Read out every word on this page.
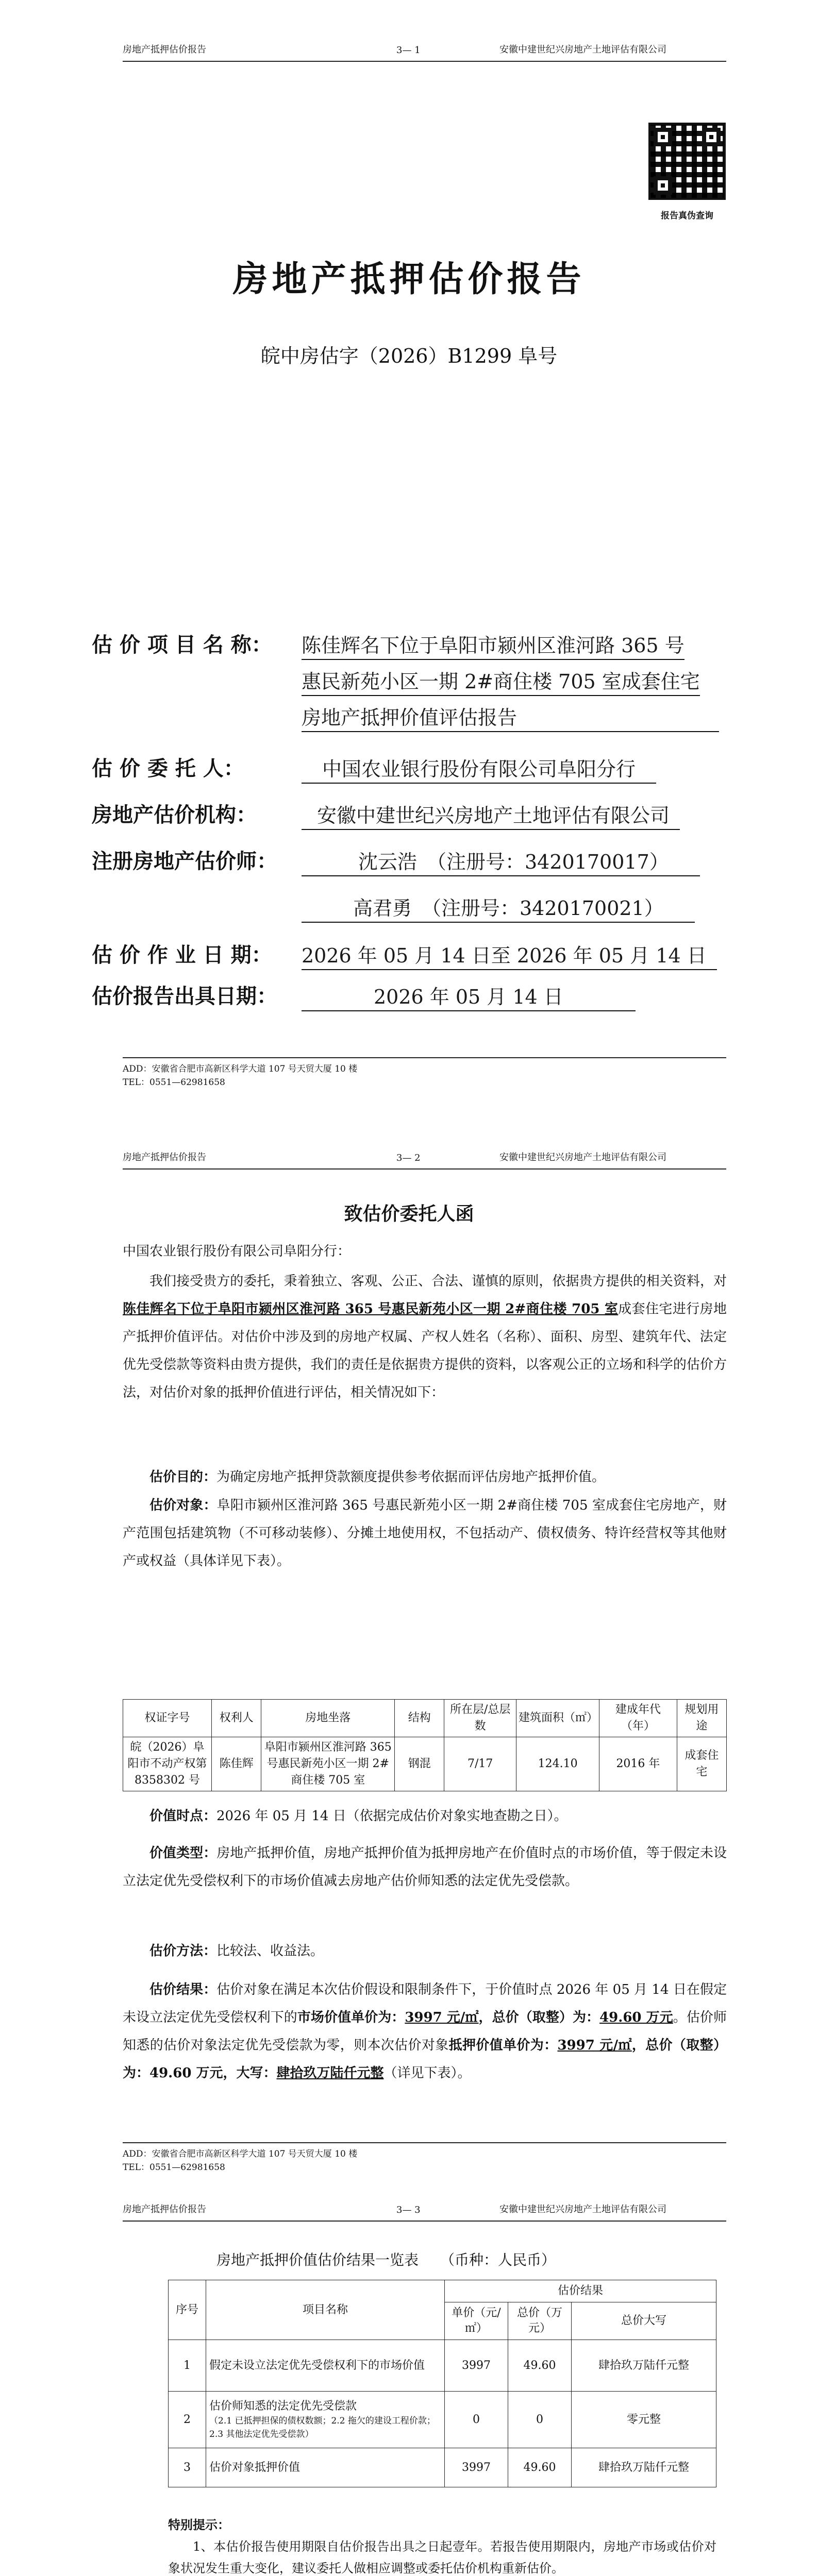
房地产抵押估价报告	3— 1	安徽中建世纪兴房地产土地评估有限公司
报告真伪查询
房地产抵押估价报告
皖中房估字（2026）B1299 阜号
估 价 项 目 名 称： 陈佳辉名下位于阜阳市颍州区淮河路 365 号
惠民新苑小区一期 2#商住楼 705 室成套住宅
房地产抵押价值评估报告
估 价 委 托 人：	中国农业银行股份有限公司阜阳分行
房地产估价机构：	安徽中建世纪兴房地产土地评估有限公司
注册房地产估价师：	沈云浩　（注册号：3420170017）
高君勇　（注册号：3420170021）
估 价 作 业 日 期： 2026 年 05 月 14 日至 2026 年 05 月 14 日
估价报告出具日期：	2026 年 05 月 14 日
ADD：安徽省合肥市高新区科学大道 107 号天贸大厦 10 楼
TEL：0551—62981658
房地产抵押估价报告	3— 2	安徽中建世纪兴房地产土地评估有限公司
致估价委托人函
中国农业银行股份有限公司阜阳分行：
我们接受贵方的委托，秉着独立、客观、公正、合法、谨慎的原则，依据贵方提供的相关资料，对陈佳辉名下位于阜阳市颍州区淮河路 365 号惠民新苑小区一期 2#商住楼 705 室成套住宅进行房地产抵押价值评估。对估价中涉及到的房地产权属、产权人姓名（名称）、面积、房型、建筑年代、法定优先受偿款等资料由贵方提供，我们的责任是依据贵方提供的资料，以客观公正的立场和科学的估价方法，对估价对象的抵押价值进行评估，相关情况如下：
估价目的：为确定房地产抵押贷款额度提供参考依据而评估房地产抵押价值。
估价对象：阜阳市颍州区淮河路 365 号惠民新苑小区一期 2#商住楼 705 室成套住宅房地产，财产范围包括建筑物（不可移动装修）、分摊土地使用权，不包括动产、债权债务、特许经营权等其他财产或权益（具体详见下表）。
权证字号	权利人	房地坐落	结构	所在层/总层数	建筑面积（㎡）	建成年代（年）	规划用途
皖（2026）阜阳市不动产权第 8358302 号	陈佳辉	阜阳市颍州区淮河路 365 号惠民新苑小区一期 2#商住楼 705 室	钢混	7/17	124.10	2016 年	成套住宅
价值时点：2026 年 05 月 14 日（依据完成估价对象实地查勘之日）。
价值类型：房地产抵押价值，房地产抵押价值为抵押房地产在价值时点的市场价值，等于假定未设立法定优先受偿权利下的市场价值减去房地产估价师知悉的法定优先受偿款。
估价方法：比较法、收益法。
估价结果：估价对象在满足本次估价假设和限制条件下，于价值时点 2026 年 05 月 14 日在假定未设立法定优先受偿权利下的市场价值单价为：3997 元/㎡，总价（取整）为：49.60 万元。估价师知悉的估价对象法定优先受偿款为零，则本次估价对象抵押价值单价为：3997 元/㎡，总价（取整）为：49.60 万元，大写：肆拾玖万陆仟元整（详见下表）。
ADD：安徽省合肥市高新区科学大道 107 号天贸大厦 10 楼
TEL：0551—62981658
房地产抵押估价报告	3— 3	安徽中建世纪兴房地产土地评估有限公司
房地产抵押价值估价结果一览表　　（币种：人民币）
序号	项目名称	估价结果		
		单价（元/㎡）	总价（万元）	总价大写
1	假定未设立法定优先受偿权利下的市场价值	3997	49.60	肆拾玖万陆仟元整
2	估价师知悉的法定优先受偿款
（2.1 已抵押担保的债权数额；2.2 拖欠的建设工程价款；2.3 其他法定优先受偿款）	0	0	零元整
3	估价对象抵押价值	3997	49.60	肆拾玖万陆仟元整
特别提示：
1、本估价报告使用期限自估价报告出具之日起壹年。若报告使用期限内，房地产市场或估价对象状况发生重大变化，建议委托人做相应调整或委托估价机构重新估价。
